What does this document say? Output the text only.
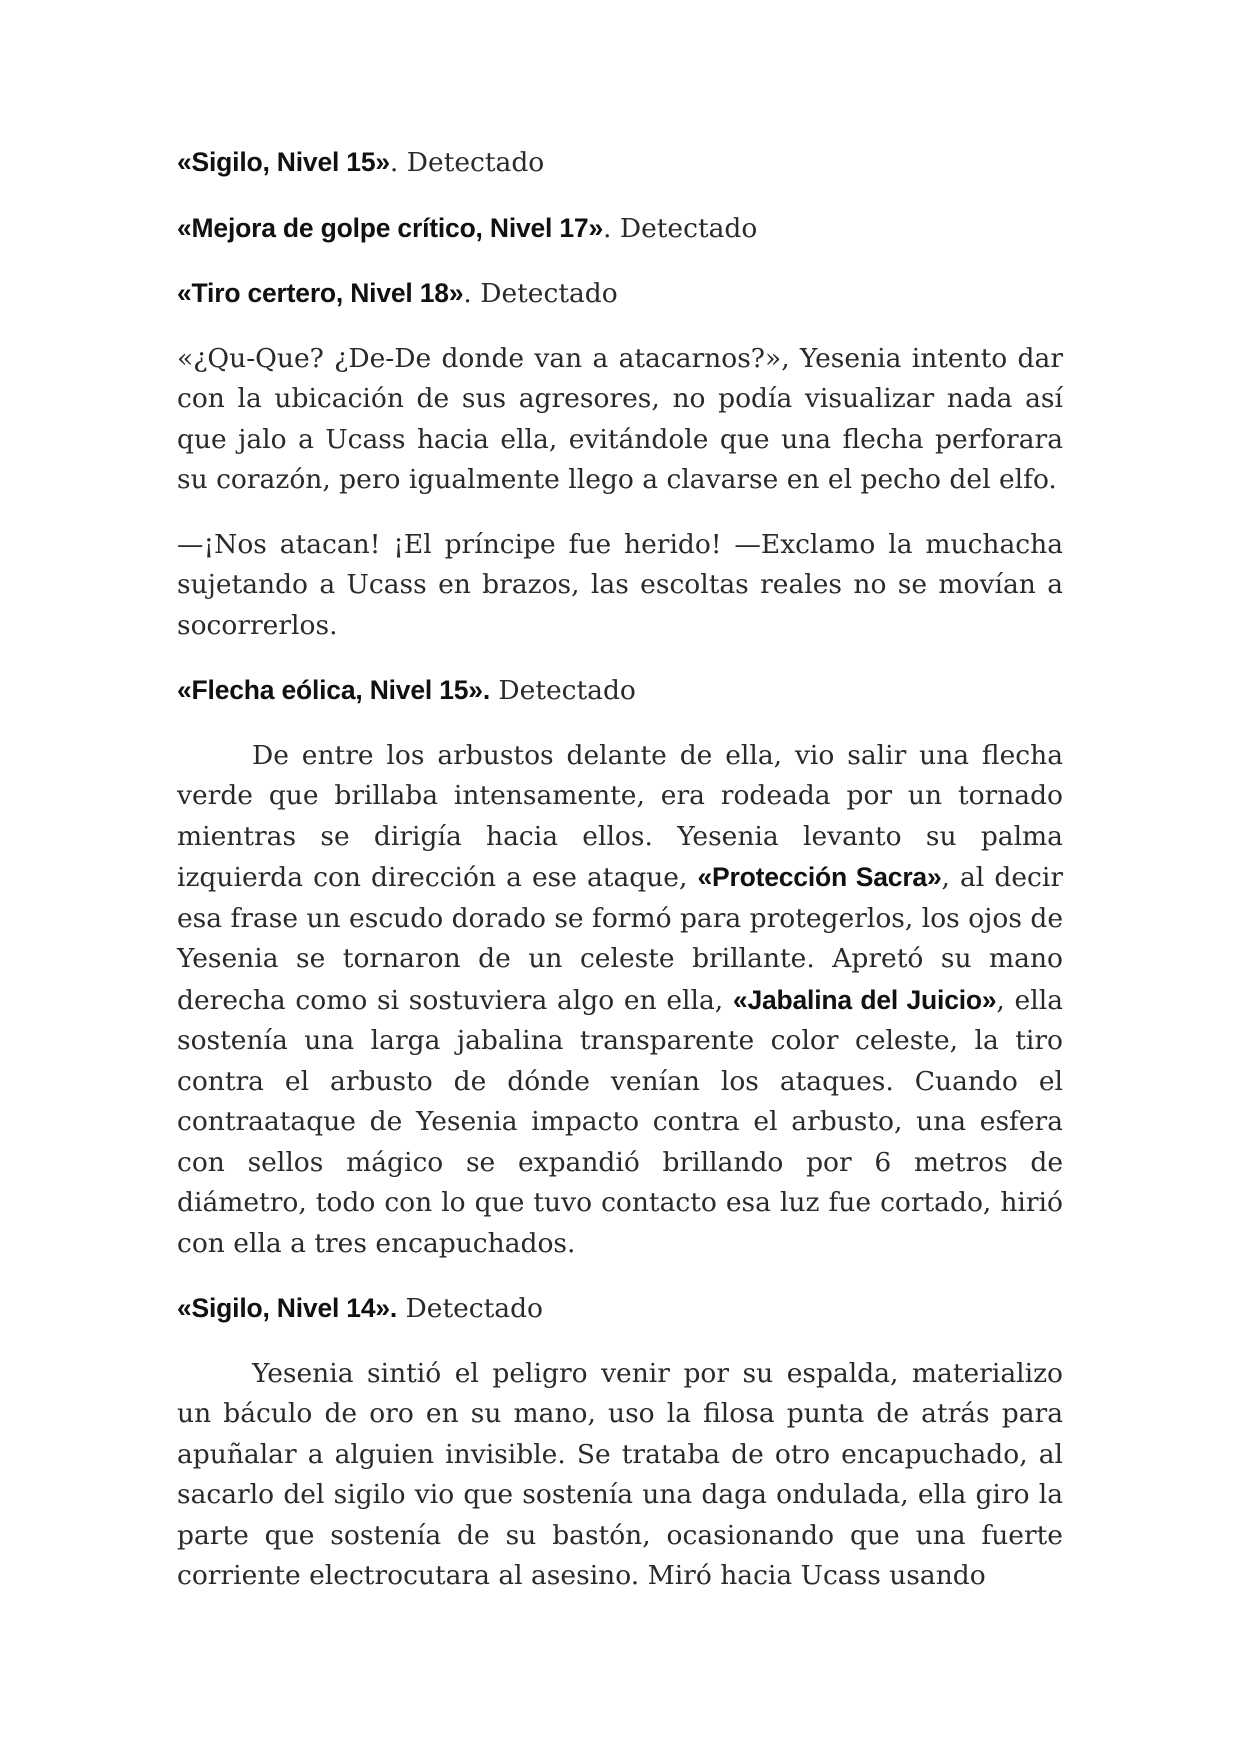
«Sigilo, Nivel 15». Detectado

«Mejora de golpe crítico, Nivel 17». Detectado

«Tiro certero, Nivel 18». Detectado

«¿Qu-Que? ¿De-De donde van a atacarnos?», Yesenia intento dar con la ubicación de sus agresores, no podía visualizar nada así que jalo a Ucass hacia ella, evitándole que una flecha perforara su corazón, pero igualmente llego a clavarse en el pecho del elfo.

—¡Nos atacan! ¡El príncipe fue herido! —Exclamo la muchacha sujetando a Ucass en brazos, las escoltas reales no se movían a socorrerlos.

«Flecha eólica, Nivel 15». Detectado

De entre los arbustos delante de ella, vio salir una flecha verde que brillaba intensamente, era rodeada por un tornado mientras se dirigía hacia ellos. Yesenia levanto su palma izquierda con dirección a ese ataque, «Protección Sacra», al decir esa frase un escudo dorado se formó para protegerlos, los ojos de Yesenia se tornaron de un celeste brillante. Apretó su mano derecha como si sostuviera algo en ella, «Jabalina del Juicio», ella sostenía una larga jabalina transparente color celeste, la tiro contra el arbusto de dónde venían los ataques. Cuando el contraataque de Yesenia impacto contra el arbusto, una esfera con sellos mágico se expandió brillando por 6 metros de diámetro, todo con lo que tuvo contacto esa luz fue cortado, hirió con ella a tres encapuchados.

«Sigilo, Nivel 14». Detectado

Yesenia sintió el peligro venir por su espalda, materializo un báculo de oro en su mano, uso la filosa punta de atrás para apuñalar a alguien invisible. Se trataba de otro encapuchado, al sacarlo del sigilo vio que sostenía una daga ondulada, ella giro la parte que sostenía de su bastón, ocasionando que una fuerte corriente electrocutara al asesino. Miró hacia Ucass usando
